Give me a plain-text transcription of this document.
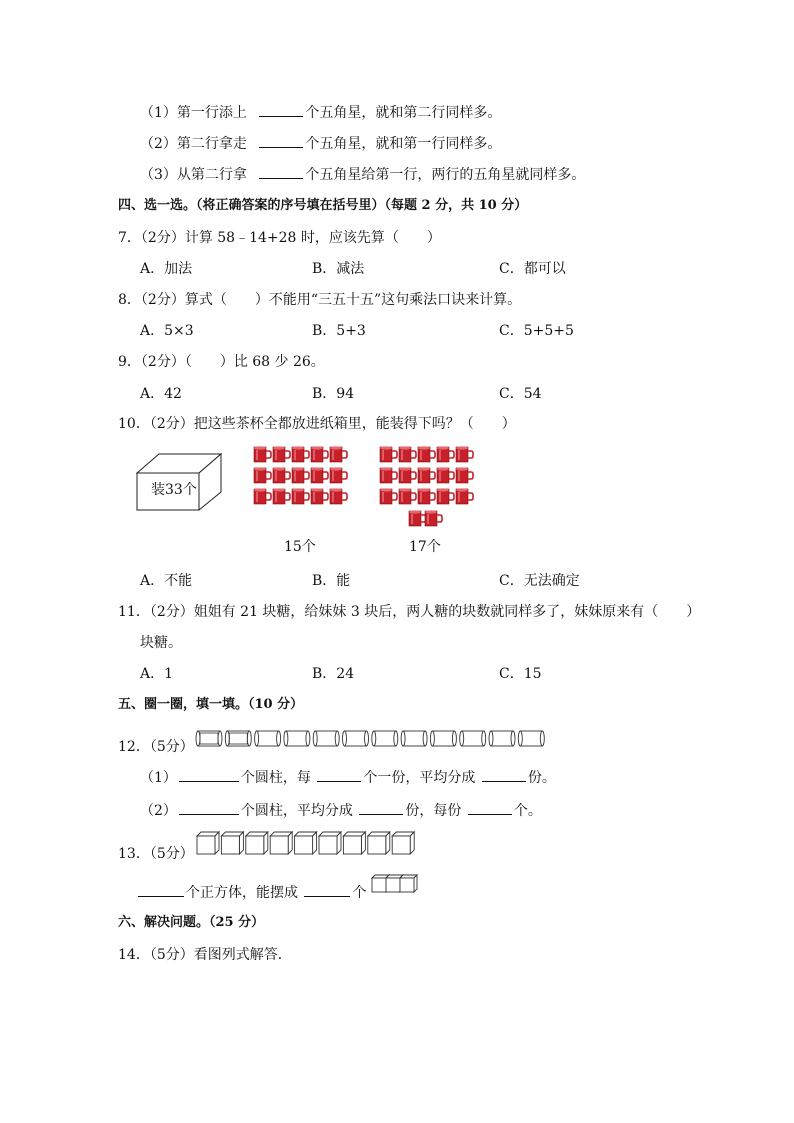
（1）第一行添上	个五角星，就和第二行同样多。
（2）第二行拿走	个五角星，就和第一行同样多。
（3）从第二行拿	个五角星给第一行，两行的五角星就同样多。
四、选一选。（将正确答案的序号填在括号里）（每题 2 分，共 10 分）
7．（2分）计算 58﹣14+28 时，应该先算（　　）
A．加法	B．减法	C．都可以
8．（2分）算式（　　）不能用“三五十五”这句乘法口诀来计算。
A．5×3	B．5+3	C．5+5+5
9．（2分）（　　）比 68 少 26。
A．42	B．94	C．54
10．（2分）把这些茶杯全都放进纸箱里，能装得下吗？（　　）
装33个
15个	17个
A．不能	B．能	C．无法确定
11．（2分）姐姐有 21 块糖，给妹妹 3 块后，两人糖的块数就同样多了，妹妹原来有（　　）
块糖。
A．1	B．24	C．15
五、圈一圈，填一填。（10 分）
12．（5分）
（1）	个圆柱，每	个一份，平均分成	份。
（2）	个圆柱，平均分成	份，每份	个。
13．（5分）
个正方体，能摆成	个
六、解决问题。（25 分）
14．（5分）看图列式解答．
